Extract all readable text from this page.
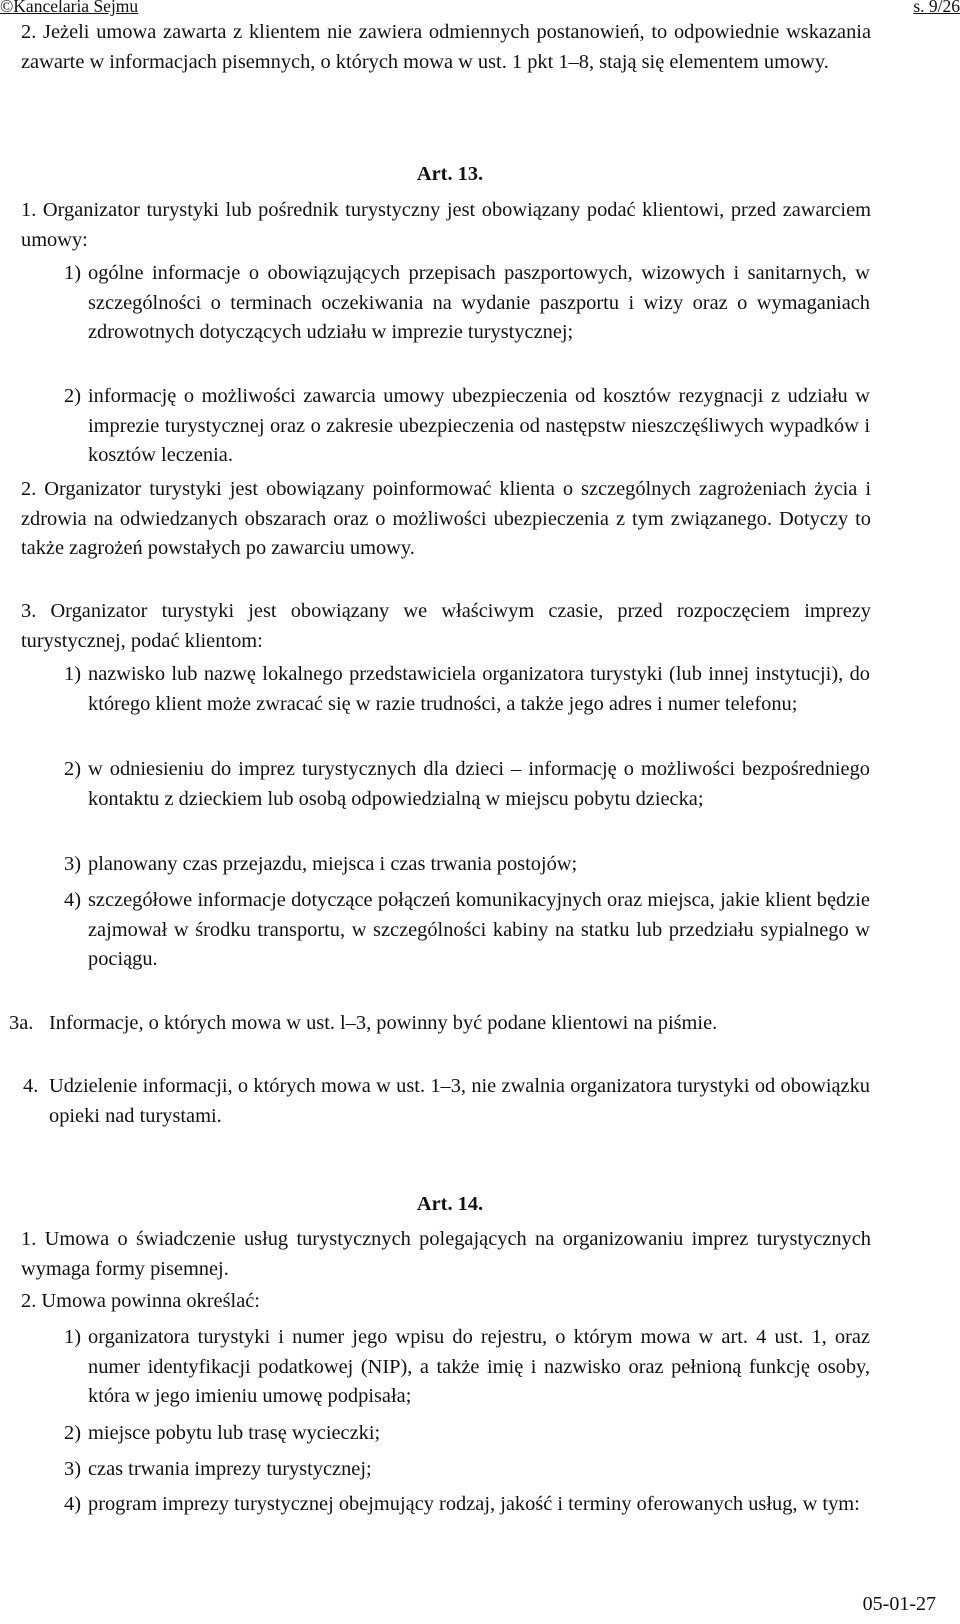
©Kancelaria Sejmu	s. 9/26
2. Jeżeli umowa zawarta z klientem nie zawiera odmiennych postanowień, to odpowiednie wskazania zawarte w informacjach pisemnych, o których mowa w ust. 1 pkt 1–8, stają się elementem umowy.
Art. 13.
1. Organizator turystyki lub pośrednik turystyczny jest obowiązany podać klientowi, przed zawarciem umowy:
1) ogólne informacje o obowiązujących przepisach paszportowych, wizowych i sanitarnych, w szczególności o terminach oczekiwania na wydanie paszportu i wizy oraz o wymaganiach zdrowotnych dotyczących udziału w imprezie turystycznej;
2) informację o możliwości zawarcia umowy ubezpieczenia od kosztów rezygnacji z udziału w imprezie turystycznej oraz o zakresie ubezpieczenia od następstw nieszczęśliwych wypadków i kosztów leczenia.
2. Organizator turystyki jest obowiązany poinformować klienta o szczególnych zagrożeniach życia i zdrowia na odwiedzanych obszarach oraz o możliwości ubezpieczenia z tym związanego. Dotyczy to także zagrożeń powstałych po zawarciu umowy.
3. Organizator turystyki jest obowiązany we właściwym czasie, przed rozpoczęciem imprezy turystycznej, podać klientom:
1) nazwisko lub nazwę lokalnego przedstawiciela organizatora turystyki (lub innej instytucji), do którego klient może zwracać się w razie trudności, a także jego adres i numer telefonu;
2) w odniesieniu do imprez turystycznych dla dzieci – informację o możliwości bezpośredniego kontaktu z dzieckiem lub osobą odpowiedzialną w miejscu pobytu dziecka;
3) planowany czas przejazdu, miejsca i czas trwania postojów;
4) szczegółowe informacje dotyczące połączeń komunikacyjnych oraz miejsca, jakie klient będzie zajmował w środku transportu, w szczególności kabiny na statku lub przedziału sypialnego w pociągu.
3a. Informacje, o których mowa w ust. l–3, powinny być podane klientowi na piśmie.
4. Udzielenie informacji, o których mowa w ust. 1–3, nie zwalnia organizatora turystyki od obowiązku opieki nad turystami.
Art. 14.
1. Umowa o świadczenie usług turystycznych polegających na organizowaniu imprez turystycznych wymaga formy pisemnej.
2. Umowa powinna określać:
1) organizatora turystyki i numer jego wpisu do rejestru, o którym mowa w art. 4 ust. 1, oraz numer identyfikacji podatkowej (NIP), a także imię i nazwisko oraz pełnioną funkcję osoby, która w jego imieniu umowę podpisała;
2) miejsce pobytu lub trasę wycieczki;
3) czas trwania imprezy turystycznej;
4) program imprezy turystycznej obejmujący rodzaj, jakość i terminy oferowanych usług, w tym:
05-01-27
